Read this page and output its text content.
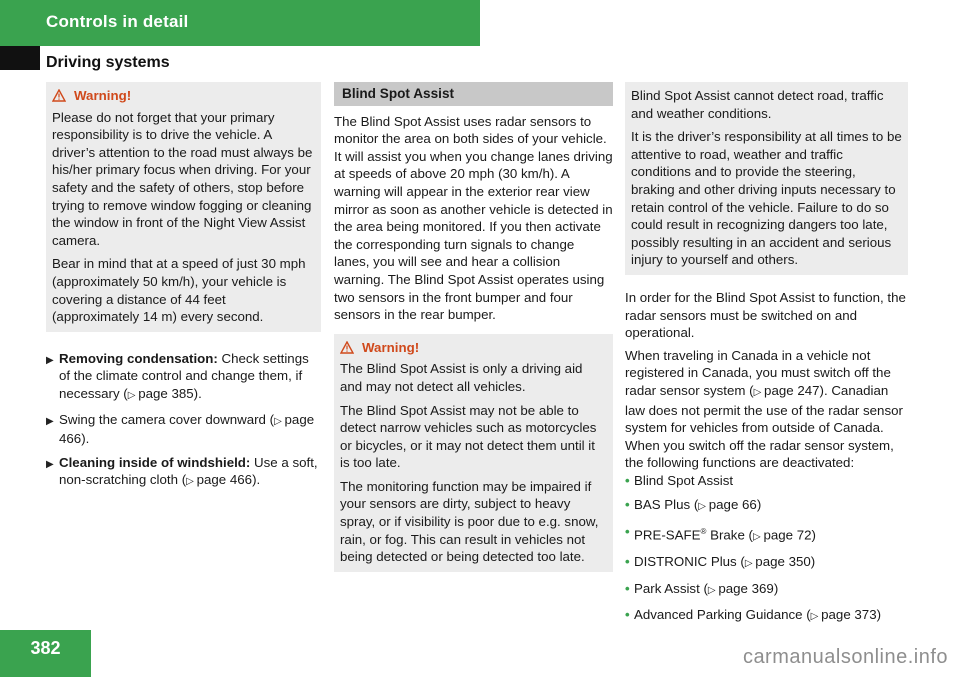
Controls in detail
Driving systems
Warning!

Please do not forget that your primary responsibility is to drive the vehicle. A driver’s attention to the road must always be his/her primary focus when driving. For your safety and the safety of others, stop before trying to remove window fogging or cleaning the window in front of the Night View Assist camera.

Bear in mind that at a speed of just 30 mph (approximately 50 km/h), your vehicle is covering a distance of 44 feet (approximately 14 m) every second.

▶ Removing condensation: Check settings of the climate control and change them, if necessary (▷ page 385).
▶ Swing the camera cover downward (▷ page 466).
▶ Cleaning inside of windshield: Use a soft, non-scratching cloth (▷ page 466).
Blind Spot Assist

The Blind Spot Assist uses radar sensors to monitor the area on both sides of your vehicle. It will assist you when you change lanes driving at speeds of above 20 mph (30 km/h). A warning will appear in the exterior rear view mirror as soon as another vehicle is detected in the area being monitored. If you then activate the corresponding turn signals to change lanes, you will see and hear a collision warning. The Blind Spot Assist operates using two sensors in the front bumper and four sensors in the rear bumper.

Warning!

The Blind Spot Assist is only a driving aid and may not detect all vehicles.

The Blind Spot Assist may not be able to detect narrow vehicles such as motorcycles or bicycles, or it may not detect them until it is too late.

The monitoring function may be impaired if your sensors are dirty, subject to heavy spray, or if visibility is poor due to e.g. snow, rain, or fog. This can result in vehicles not being detected or being detected too late.

Blind Spot Assist cannot detect road, traffic and weather conditions.

It is the driver’s responsibility at all times to be attentive to road, weather and traffic conditions and to provide the steering, braking and other driving inputs necessary to retain control of the vehicle. Failure to do so could result in recognizing dangers too late, possibly resulting in an accident and serious injury to yourself and others.

In order for the Blind Spot Assist to function, the radar sensors must be switched on and operational.

When traveling in Canada in a vehicle not registered in Canada, you must switch off the radar sensor system (▷ page 247). Canadian law does not permit the use of the radar sensor system for vehicles from outside of Canada. When you switch off the radar sensor system, the following functions are deactivated:

• Blind Spot Assist
• BAS Plus (▷ page 66)
• PRE-SAFE® Brake (▷ page 72)
• DISTRONIC Plus (▷ page 350)
• Park Assist (▷ page 369)
• Advanced Parking Guidance (▷ page 373)
382	carmanualsonline.info
